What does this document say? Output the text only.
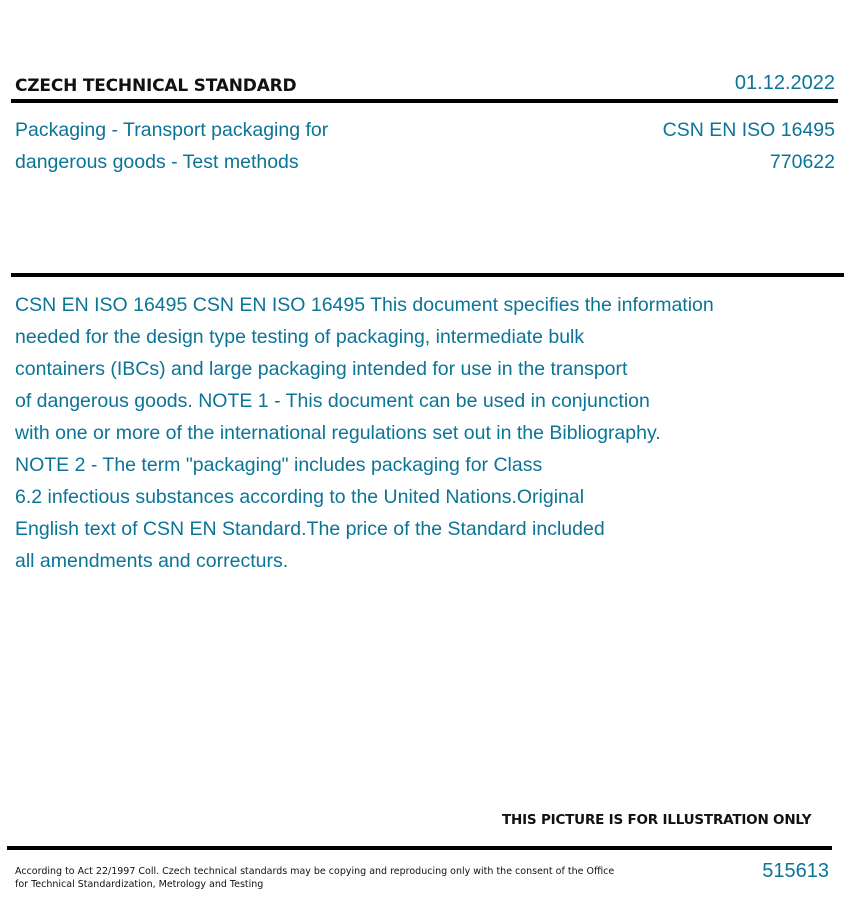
CZECH TECHNICAL STANDARD	01.12.2022
Packaging - Transport packaging for
dangerous goods - Test methods
CSN EN ISO 16495
770622
CSN EN ISO 16495 CSN EN ISO 16495 This document specifies the information
needed for the design type testing of packaging, intermediate bulk
containers (IBCs) and large packaging intended for use in the transport
of dangerous goods. NOTE 1 - This document can be used in conjunction
with one or more of the international regulations set out in the Bibliography.
NOTE 2 - The term "packaging" includes packaging for Class
6.2 infectious substances according to the United Nations.Original
English text of CSN EN Standard.The price of the Standard included
all amendments and correcturs.
THIS PICTURE IS FOR ILLUSTRATION ONLY
According to Act 22/1997 Coll. Czech technical standards may be copying and reproducing only with the consent of the Office
for Technical Standardization, Metrology and Testing
515613
